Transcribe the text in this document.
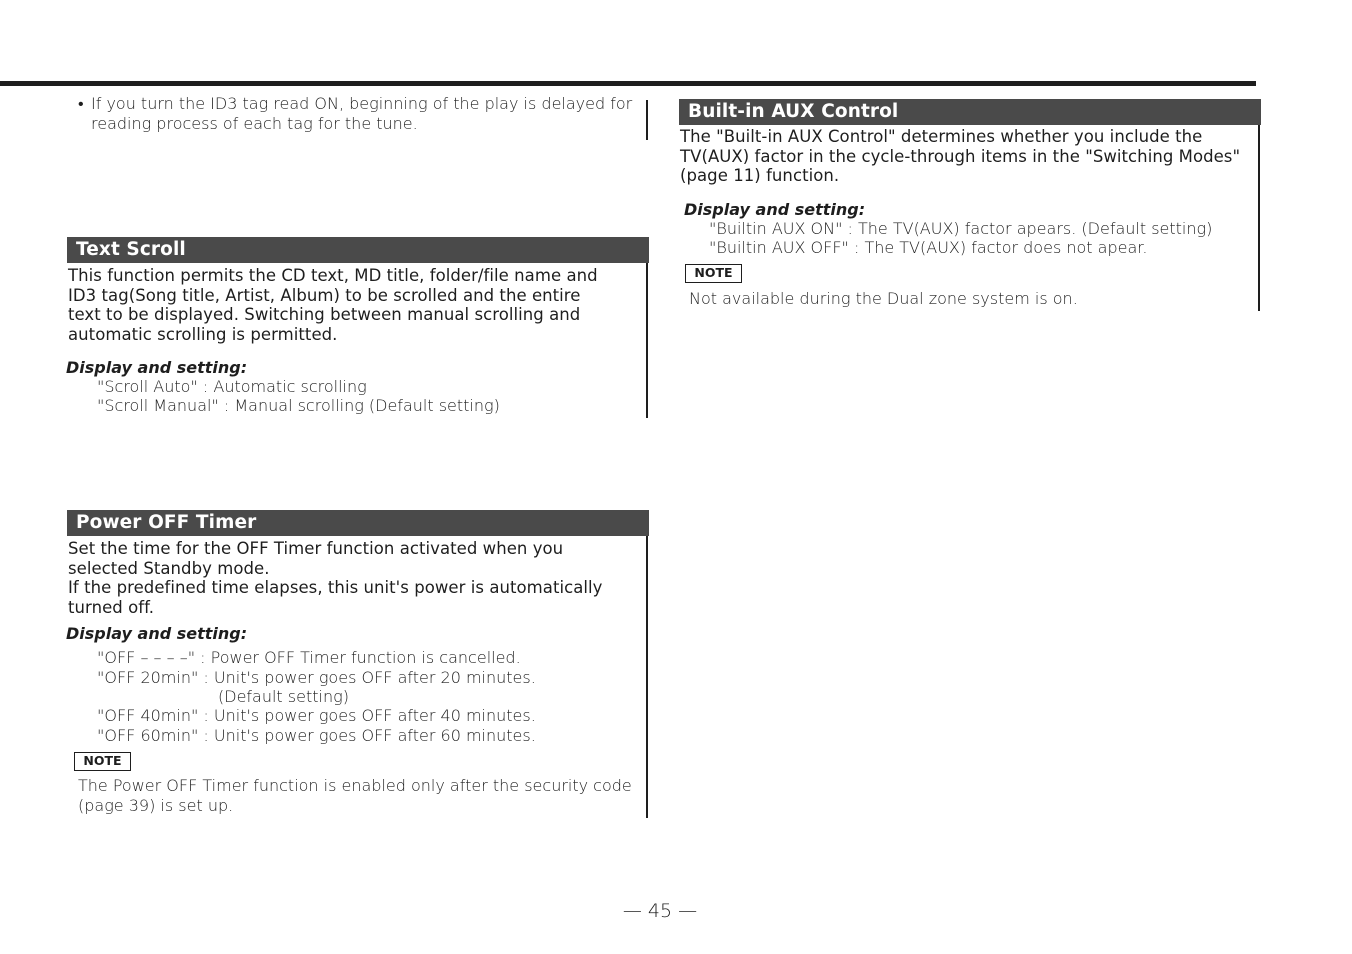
• If you turn the ID3 tag read ON, beginning of the play is delayed for reading process of each tag for the tune.
Text Scroll
This function permits the CD text, MD title, folder/file name and ID3 tag(Song title, Artist, Album) to be scrolled and the entire text to be displayed. Switching between manual scrolling and automatic scrolling is permitted.
Display and setting:
"Scroll Auto" : Automatic scrolling
"Scroll Manual" : Manual scrolling (Default setting)
Power OFF Timer
Set the time for the OFF Timer function activated when you selected Standby mode.
If the predefined time elapses, this unit's power is automatically turned off.
Display and setting:
"OFF – – – –" : Power OFF Timer function is cancelled.
"OFF 20min" : Unit's power goes OFF after 20 minutes.
(Default setting)
"OFF 40min" : Unit's power goes OFF after 40 minutes.
"OFF 60min" : Unit's power goes OFF after 60 minutes.
NOTE
The Power OFF Timer function is enabled only after the security code (page 39) is set up.
Built-in AUX Control
The "Built-in AUX Control" determines whether you include the TV(AUX) factor in the cycle-through items in the "Switching Modes" (page 11) function.
Display and setting:
"Builtin AUX ON" : The TV(AUX) factor apears. (Default setting)
"Builtin AUX OFF" : The TV(AUX) factor does not apear.
NOTE
Not available during the Dual zone system is on.
— 45 —
